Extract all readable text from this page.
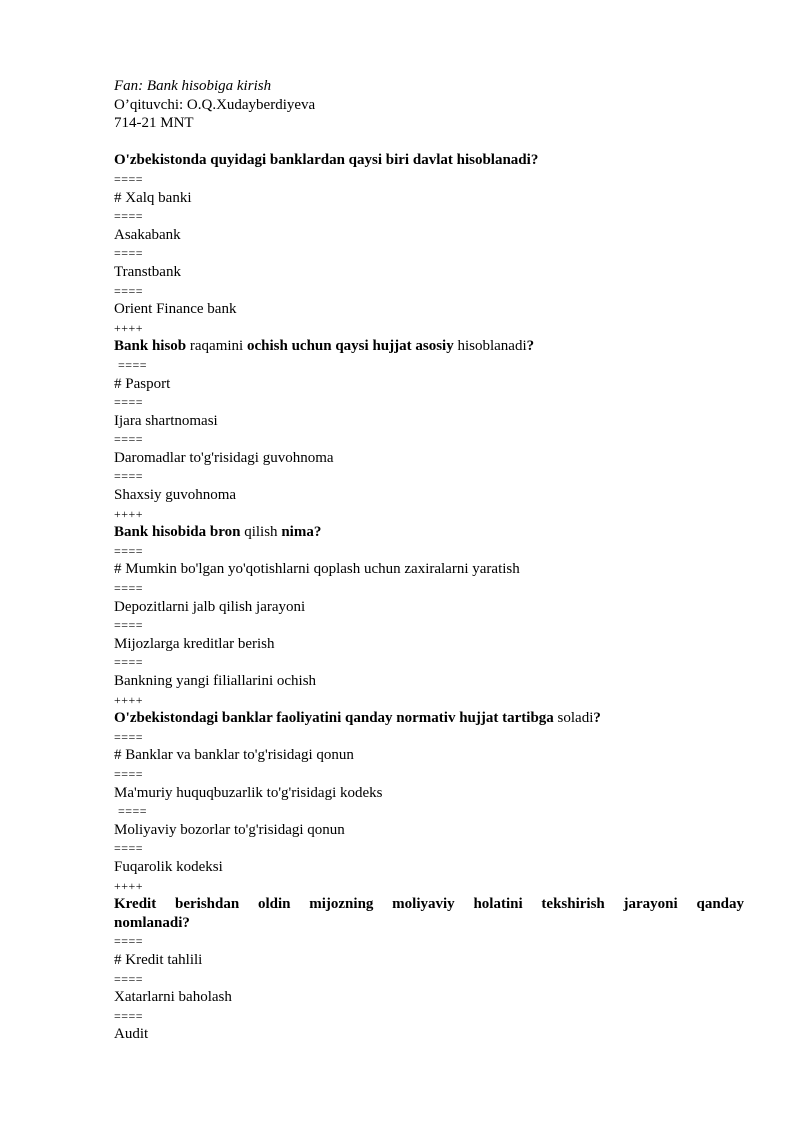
Fan: Bank hisobiga kirish
O’qituvchi: O.Q.Xudayberdiyeva
714-21 MNT
O'zbekistonda quyidagi banklardan qaysi biri davlat hisoblanadi?
====
# Xalq banki
====
Asakabank
====
Transtbank
====
Orient Finance bank
++++
Bank hisob raqamini ochish uchun qaysi hujjat asosiy hisoblanadi?
====
# Pasport
====
Ijara shartnomasi
====
Daromadlar to'g'risidagi guvohnoma
====
Shaxsiy guvohnoma
++++
Bank hisobida bron qilish nima?
====
# Mumkin bo'lgan yo'qotishlarni qoplash uchun zaxiralarni yaratish
====
Depozitlarni jalb qilish jarayoni
====
Mijozlarga kreditlar berish
====
Bankning yangi filiallarini ochish
++++
O'zbekistondagi banklar faoliyatini qanday normativ hujjat tartibga soladi?
====
# Banklar va banklar to'g'risidagi qonun
====
Ma'muriy huquqbuzarlik to'g'risidagi kodeks
====
Moliyaviy bozorlar to'g'risidagi qonun
====
Fuqarolik kodeksi
++++
Kredit berishdan oldin mijozning moliyaviy holatini tekshirish jarayoni qanday
nomlanadi?
====
# Kredit tahlili
====
Xatarlarni baholash
====
Audit
